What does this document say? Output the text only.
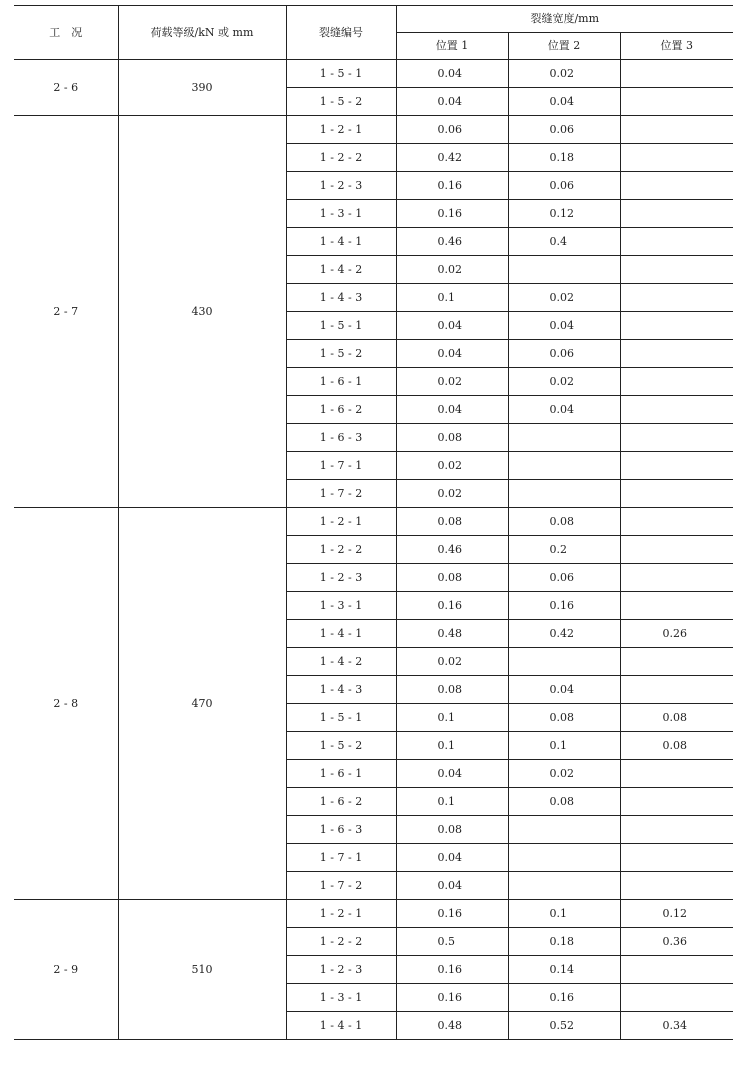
工　况	荷载等级/kN 或 mm	裂缝编号	裂缝宽度/mm		
			位置 1	位置 2	位置 3
2 - 6	390	1 - 5 - 1	0.04	0.02	
		1 - 5 - 2	0.04	0.04	
2 - 7	430	1 - 2 - 1	0.06	0.06	
		1 - 2 - 2	0.42	0.18	
		1 - 2 - 3	0.16	0.06	
		1 - 3 - 1	0.16	0.12	
		1 - 4 - 1	0.46	0.4	
		1 - 4 - 2	0.02		
		1 - 4 - 3	0.1	0.02	
		1 - 5 - 1	0.04	0.04	
		1 - 5 - 2	0.04	0.06	
		1 - 6 - 1	0.02	0.02	
		1 - 6 - 2	0.04	0.04	
		1 - 6 - 3	0.08		
		1 - 7 - 1	0.02		
		1 - 7 - 2	0.02		
2 - 8	470	1 - 2 - 1	0.08	0.08	
		1 - 2 - 2	0.46	0.2	
		1 - 2 - 3	0.08	0.06	
		1 - 3 - 1	0.16	0.16	
		1 - 4 - 1	0.48	0.42	0.26
		1 - 4 - 2	0.02		
		1 - 4 - 3	0.08	0.04	
		1 - 5 - 1	0.1	0.08	0.08
		1 - 5 - 2	0.1	0.1	0.08
		1 - 6 - 1	0.04	0.02	
		1 - 6 - 2	0.1	0.08	
		1 - 6 - 3	0.08		
		1 - 7 - 1	0.04		
		1 - 7 - 2	0.04		
2 - 9	510	1 - 2 - 1	0.16	0.1	0.12
		1 - 2 - 2	0.5	0.18	0.36
		1 - 2 - 3	0.16	0.14	
		1 - 3 - 1	0.16	0.16	
		1 - 4 - 1	0.48	0.52	0.34
